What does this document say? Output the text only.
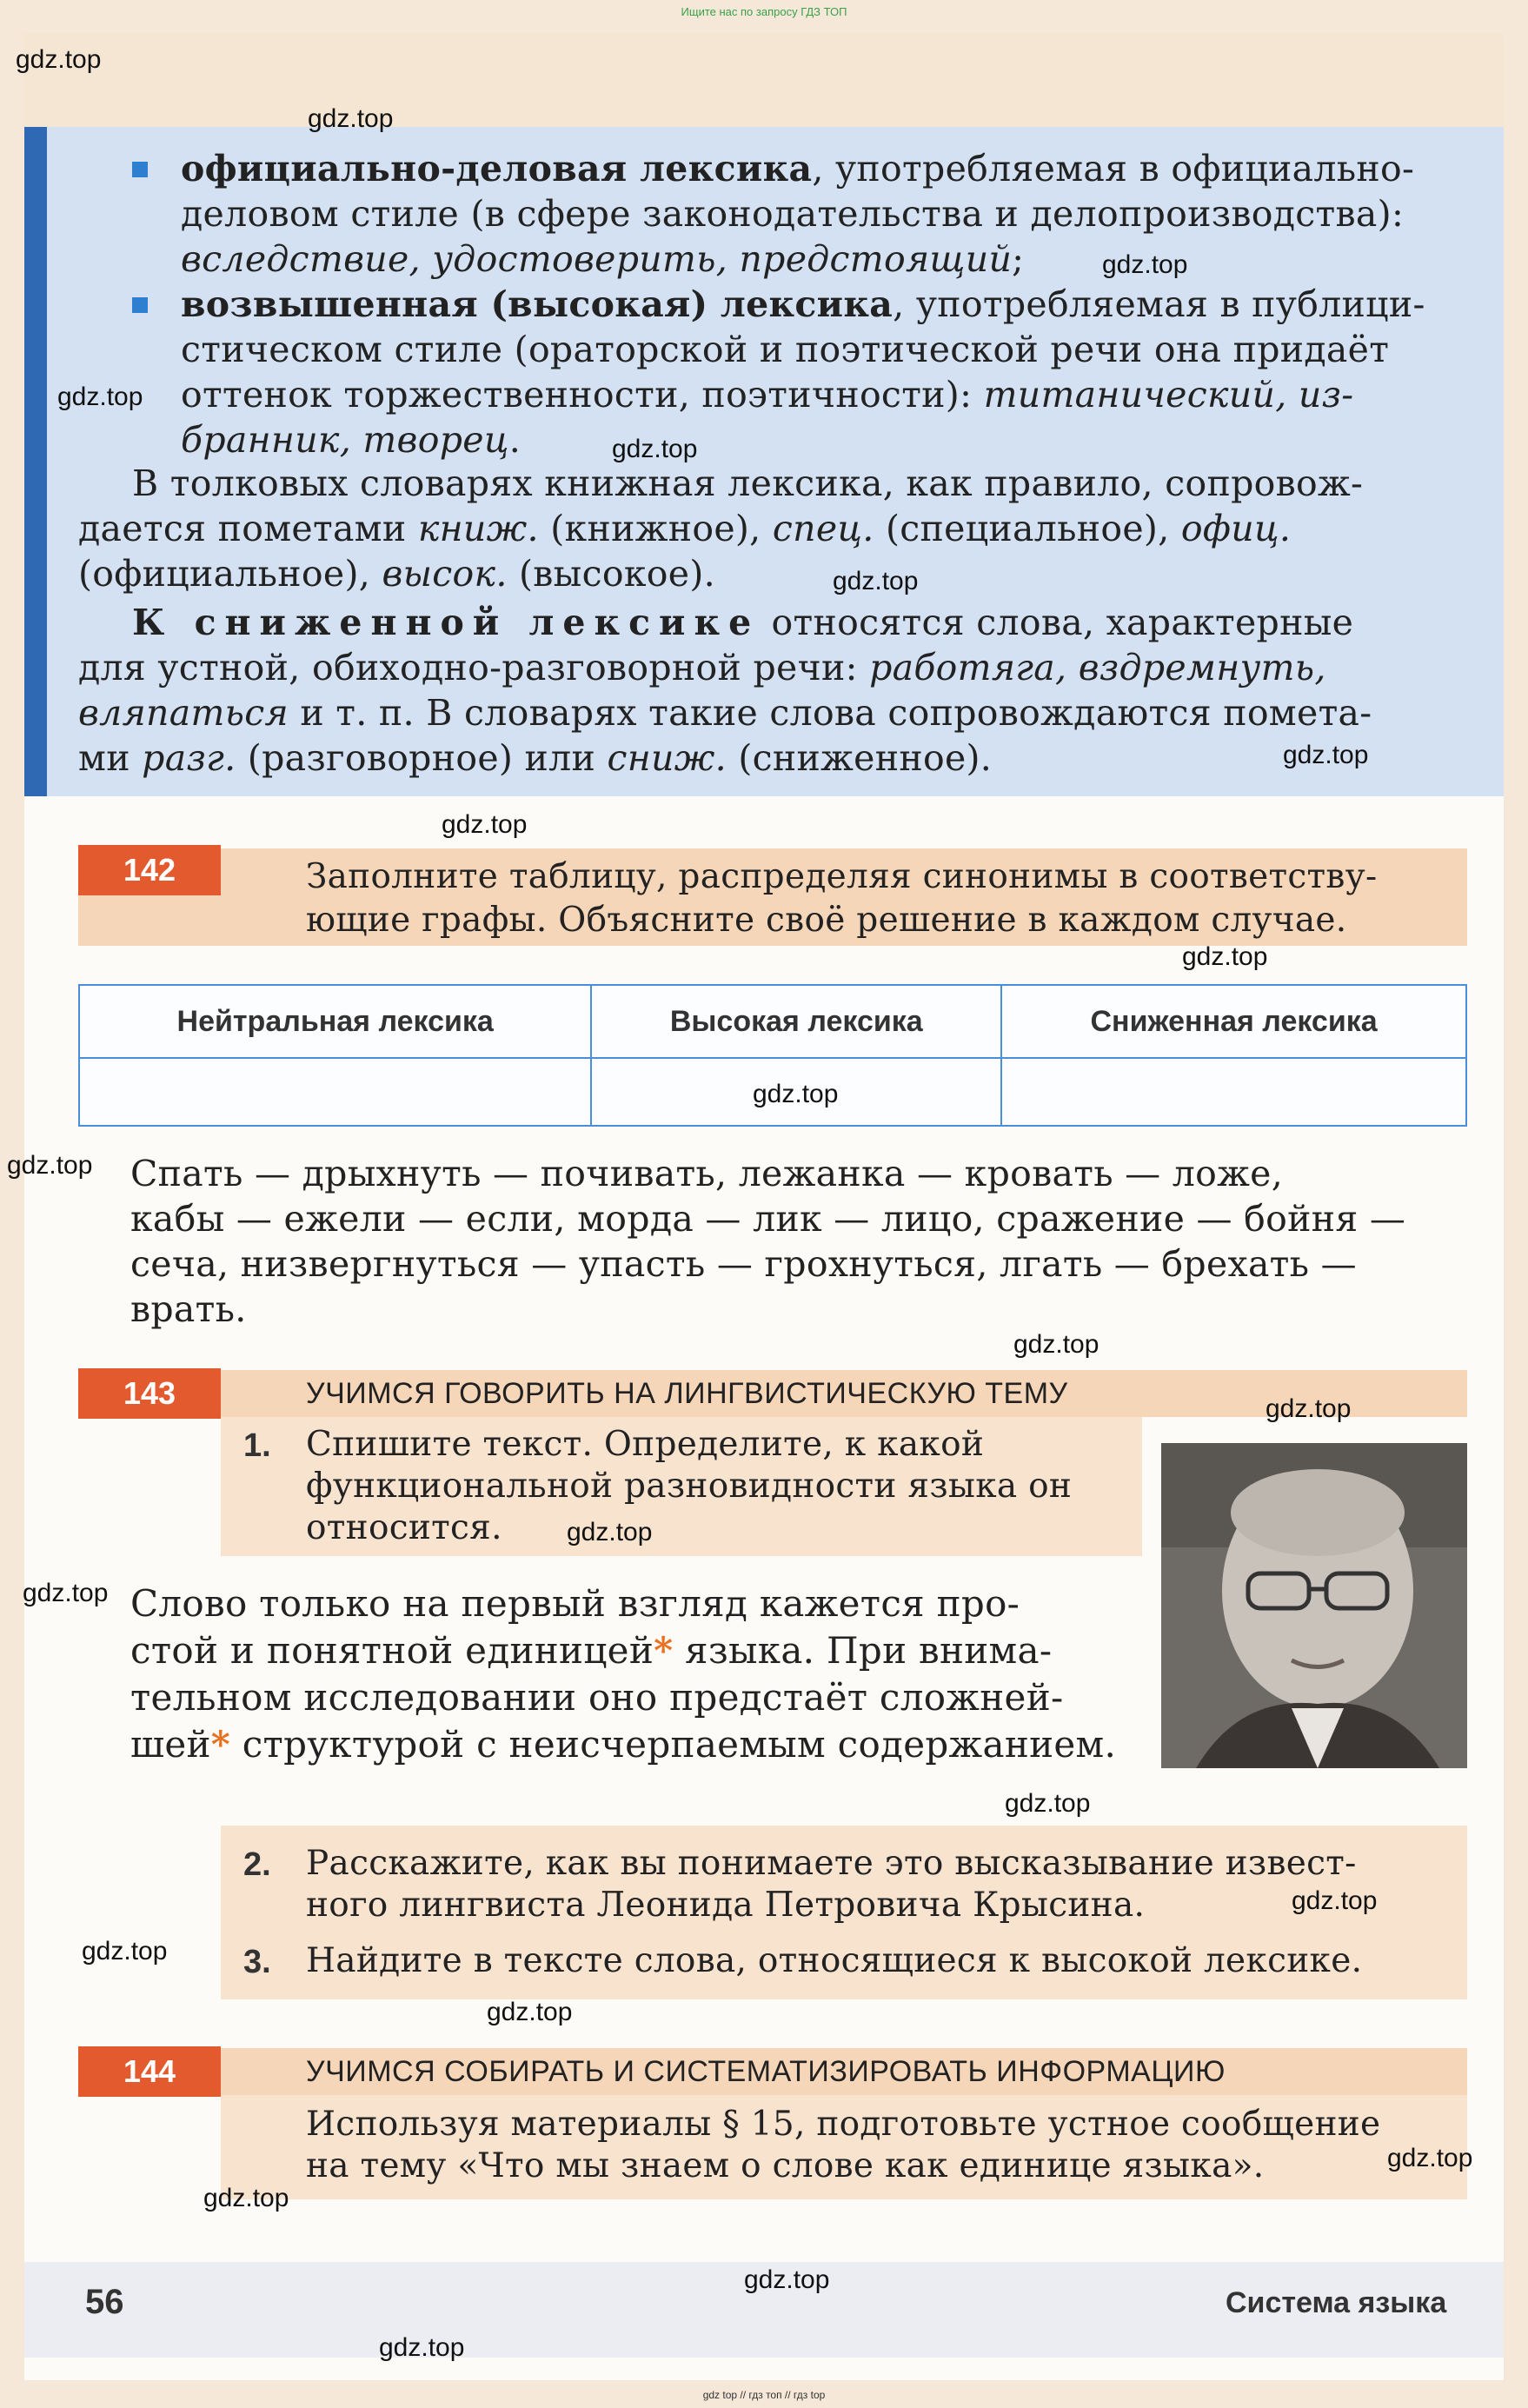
Ищите нас по запросу ГДЗ ТОП
официально-деловая лексика, употребляемая в официально-
деловом стиле (в сфере законодательства и делопроизводства):
вследствие, удостоверить, предстоящий;
возвышенная (высокая) лексика, употребляемая в публици-
стическом стиле (ораторской и поэтической речи она придаёт
оттенок торжественности, поэтичности): титанический, из-
бранник, творец.
В толковых словарях книжная лексика, как правило, сопровож-
дается пометами книж. (книжное), спец. (специальное), офиц.
(официальное), высок. (высокое).
К сниженной лексике относятся слова, характерные
для устной, обиходно-разговорной речи: работяга, вздремнуть,
вляпаться и т. п. В словарях такие слова сопровождаются помета-
ми разг. (разговорное) или сниж. (сниженное).
142	Заполните таблицу, распределяя синонимы в соответству-
ющие графы. Объясните своё решение в каждом случае.
Нейтральная лексика	Высокая лексика	Сниженная лексика

Спать — дрыхнуть — почивать, лежанка — кровать — ложе,
кабы — ежели — если, морда — лик — лицо, сражение — бойня —
сеча, низвергнуться — упасть — грохнуться, лгать — брехать —
врать.
143	УЧИМСЯ ГОВОРИТЬ НА ЛИНГВИСТИЧЕСКУЮ ТЕМУ
1. Спишите текст. Определите, к какой
функциональной разновидности языка он
относится.
Слово только на первый взгляд кажется про-
стой и понятной единицей* языка. При внима-
тельном исследовании оно предстаёт сложней-
шей* структурой с неисчерпаемым содержанием.
2. Расскажите, как вы понимаете это высказывание извест-
ного лингвиста Леонида Петровича Крысина.
3. Найдите в тексте слова, относящиеся к высокой лексике.
144	УЧИМСЯ СОБИРАТЬ И СИСТЕМАТИЗИРОВАТЬ ИНФОРМАЦИЮ
Используя материалы § 15, подготовьте устное сообщение
на тему «Что мы знаем о слове как единице языка».
56	Система языка
gdz.top
gdz.top
gdz.top
gdz.top
gdz.top
gdz.top
gdz.top
gdz.top
gdz.top
gdz.top
gdz.top
gdz.top
gdz.top
gdz.top
gdz.top
gdz.top
gdz.top
gdz.top
gdz.top
gdz.top
gdz.top
gdz.top
gdz.top
gdz top // гдз топ // гдз top
